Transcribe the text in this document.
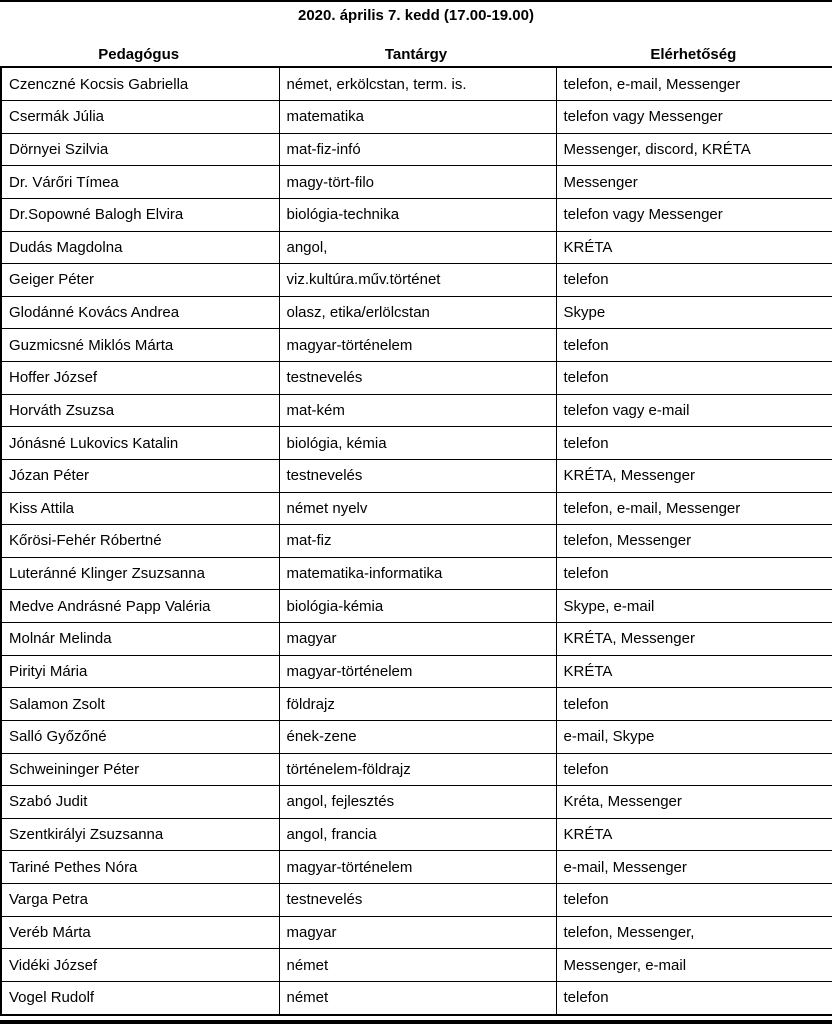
2020. április 7. kedd (17.00-19.00)
Pedagógus	Tantárgy	Elérhetőség
Czenczné Kocsis Gabriella	német, erkölcstan, term. is.	telefon, e-mail, Messenger
Csermák Júlia	matematika	telefon vagy Messenger
Dörnyei Szilvia	mat-fiz-infó	Messenger, discord, KRÉTA
Dr. Várőri Tímea	magy-tört-filo	Messenger
Dr.Sopowné Balogh Elvira	biológia-technika	telefon vagy Messenger
Dudás Magdolna	angol,	KRÉTA
Geiger Péter	viz.kultúra.műv.történet	telefon
Glodánné Kovács Andrea	olasz, etika/erlölcstan	Skype
Guzmicsné Miklós Márta	magyar-történelem	telefon
Hoffer József	testnevelés	telefon
Horváth Zsuzsa	mat-kém	telefon vagy e-mail
Jónásné Lukovics Katalin	biológia, kémia	telefon
Józan Péter	testnevelés	KRÉTA, Messenger
Kiss Attila	német nyelv	telefon, e-mail, Messenger
Kőrösi-Fehér Róbertné	mat-fiz	telefon, Messenger
Luteránné Klinger Zsuzsanna	matematika-informatika	telefon
Medve Andrásné Papp Valéria	biológia-kémia	Skype, e-mail
Molnár Melinda	magyar	KRÉTA, Messenger
Pirityi Mária	magyar-történelem	KRÉTA
Salamon Zsolt	földrajz	telefon
Salló Győzőné	ének-zene	e-mail, Skype
Schweininger Péter	történelem-földrajz	telefon
Szabó Judit	angol, fejlesztés	Kréta, Messenger
Szentkirályi Zsuzsanna	angol, francia	KRÉTA
Tariné Pethes Nóra	magyar-történelem	e-mail, Messenger
Varga Petra	testnevelés	telefon
Veréb Márta	magyar	telefon, Messenger,
Vidéki József	német	Messenger, e-mail
Vogel Rudolf	német	telefon
